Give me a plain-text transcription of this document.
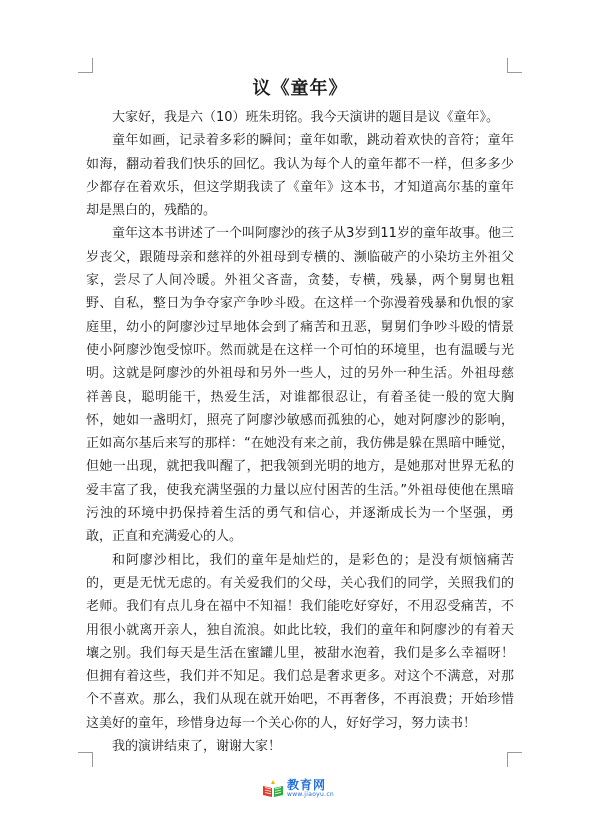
议《童年》

大家好，我是六（10）班朱玥铭。我今天演讲的题目是议《童年》。

童年如画，记录着多彩的瞬间；童年如歌，跳动着欢快的音符；童年如海，翻动着我们快乐的回忆。我认为每个人的童年都不一样，但多多少少都存在着欢乐，但这学期我读了《童年》这本书，才知道高尔基的童年却是黑白的，残酷的。

童年这本书讲述了一个叫阿廖沙的孩子从3岁到11岁的童年故事。他三岁丧父，跟随母亲和慈祥的外祖母到专横的、濒临破产的小染坊主外祖父家，尝尽了人间冷暖。外祖父吝啬，贪婪，专横，残暴，两个舅舅也粗野、自私，整日为争夺家产争吵斗殴。在这样一个弥漫着残暴和仇恨的家庭里，幼小的阿廖沙过早地体会到了痛苦和丑恶，舅舅们争吵斗殴的情景使小阿廖沙饱受惊吓。然而就是在这样一个可怕的环境里，也有温暖与光明。这就是阿廖沙的外祖母和另外一些人，过的另外一种生活。外祖母慈祥善良，聪明能干，热爱生活，对谁都很忍让，有着圣徒一般的宽大胸怀，她如一盏明灯，照亮了阿廖沙敏感而孤独的心，她对阿廖沙的影响，正如高尔基后来写的那样：“在她没有来之前，我仿佛是躲在黑暗中睡觉，但她一出现，就把我叫醒了，把我领到光明的地方，是她那对世界无私的爱丰富了我，使我充满坚强的力量以应付困苦的生活。”外祖母使他在黑暗污浊的环境中扔保持着生活的勇气和信心，并逐渐成长为一个坚强，勇敢，正直和充满爱心的人。

和阿廖沙相比，我们的童年是灿烂的，是彩色的；是没有烦恼痛苦的，更是无忧无虑的。有关爱我们的父母，关心我们的同学，关照我们的老师。我们有点儿身在福中不知福！我们能吃好穿好，不用忍受痛苦，不用很小就离开亲人，独自流浪。如此比较，我们的童年和阿廖沙的有着天壤之别。我们每天是生活在蜜罐儿里，被甜水泡着，我们是多么幸福呀！但拥有着这些，我们并不知足。我们总是奢求更多。对这个不满意，对那个不喜欢。那么，我们从现在就开始吧，不再奢侈，不再浪费；开始珍惜这美好的童年，珍惜身边每一个关心你的人，好好学习，努力读书！

我的演讲结束了，谢谢大家！

教育网
www.jiaoyu.cn
